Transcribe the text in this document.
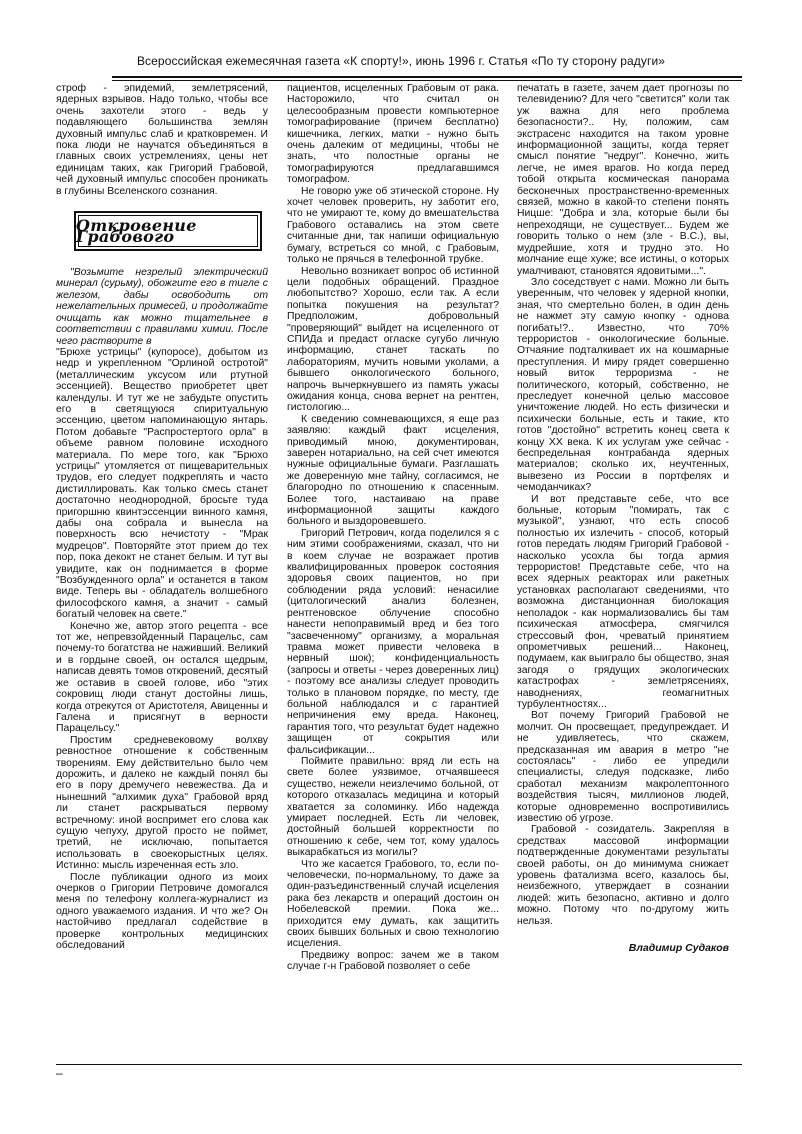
Всероссийская ежемесячная газета «К спорту!», июнь 1996 г. Статья «По ту сторону радуги»

строф - эпидемий, землетрясений, ядерных взрывов. Надо только, чтобы все очень захотели этого - ведь у подавляющего большинства землян духовный импульс слаб и кратковремен. И пока люди не научатся объединяться в главных своих устремлениях, цены нет единицам таких, как Григорий Грабовой, чей духовный импульс способен проникать в глубины Вселенского сознания.

Откровение Грабового

"Возьмите незрелый электрический минерал (сурьму), обожгите его в тигле с железом, дабы освободить от нежелательных примесей, и продолжайте очищать как можно тщательнее в соответствии с правилами химии. После чего растворите в

"Брюхе устрицы" (купоросе), добытом из недр и укрепленном "Орлиной остротой" (металлическим уксусом или ртутной эссенцией). Вещество приобретет цвет календулы. И тут же не забудьте опустить его в светящуюся спиритуальную эссенцию, цветом напоминающую янтарь. Потом добавьте "Распростертого орла" в объеме равном половине исходного материала. По мере того, как "Брюхо устрицы" утомляется от пищеварительных трудов, его следует подкреплять и часто дистиллировать. Как только смесь станет достаточно неоднородной, бросьте туда пригоршню квинтэссенции винного камня, дабы она собрала и вынесла на поверхность всю нечистоту - "Мрак мудрецов". Повторяйте этот прием до тех пор, пока декокт не станет белым. И тут вы увидите, как он поднимается в форме "Возбужденного орла" и останется в таком виде. Теперь вы - обладатель волшебного философского камня, а значит - самый богатый человек на свете."

Конечно же, автор этого рецепта - все тот же, непревзойденный Парацельс, сам почему-то богатства не наживший. Великий и в гордыне своей, он остался щедрым, написав девять томов откровений, десятый же оставив в своей голове, ибо "этих сокровищ люди станут достойны лишь, когда отрекутся от Аристотеля, Авиценны и Галена и присягнут в верности Парацельсу."

Простим средневековому волхву ревностное отношение к собственным творениям. Ему действительно было чем дорожить, и далеко не каждый понял бы его в пору дремучего невежества. Да и нынешний "алхимик духа" Грабовой вряд ли станет раскрываться первому встречному: иной воспримет его слова как сущую чепуху, другой просто не поймет, третий, не исключаю, попытается использовать в своекорыстных целях. Истинно: мысль изреченная есть зло.

После публикации одного из моих очерков о Григории Петровиче домогался меня по телефону коллега-журналист из одного уважаемого издания. И что же? Он настойчиво предлагал содействие в проверке контрольных медицинских обследований

пациентов, исцеленных Грабовым от рака. Насторожило, что считал он целесообразным провести компьютерное томографирование (причем бесплатно) кишечника, легких, матки - нужно быть очень далеким от медицины, чтобы не знать, что полостные органы не томографируются предлагавшимся томографом.

Не говорю уже об этической стороне. Ну хочет человек проверить, ну заботит его, что не умирают те, кому до вмешательства Грабового оставались на этом свете считанные дни, так напиши официальную бумагу, встреться со мной, с Грабовым, только не прячься в телефонной трубке.

Невольно возникает вопрос об истинной цели подобных обращений. Праздное любопытство? Хорошо, если так. А если попытка покушения на результат? Предположим, добровольный "проверяющий" выйдет на исцеленного от СПИДа и предаст огласке сугубо личную информацию, станет таскать по лабораториям, мучить новыми уколами, а бывшего онкологического больного, напрочь вычеркнувшего из память ужасы ожидания конца, снова вернет на рентген, гистологию...

К сведению сомневающихся, я еще раз заявляю: каждый факт исцеления, приводимый мною, документирован, заверен нотариально, на сей счет имеются нужные официальные бумаги. Разглашать же доверенную мне тайну, согласимся, не благородно по отношению к спасенным. Более того, настаиваю на праве информационной защиты каждого больного и выздоровевшего.

Григорий Петрович, когда поделился я с ним этими соображениями, сказал, что ни в коем случае не возражает против квалифицированных проверок состояния здоровья своих пациентов, но при соблюдении ряда условий: ненасилие (цитологический анализ болезнен, рентгеновское облучение способно нанести непоправимый вред и без того "засвеченному" организму, а моральная травма может привести человека в нервный шок); конфиденциальность (запросы и ответы - через доверенных лиц) - поэтому все анализы следует проводить только в плановом порядке, по месту, где больной наблюдался и с гарантией непричинения ему вреда. Наконец, гарантия того, что результат будет надежно защищен от сокрытия или фальсификации...

Поймите правильно: вряд ли есть на свете более уязвимое, отчаявшееся существо, нежели неизлечимо больной, от которого отказалась медицина и который хватается за соломинку. Ибо надежда умирает последней. Есть ли человек, достойный большей корректности по отношению к себе, чем тот, кому удалось выкарабкаться из могилы?

Что же касается Грабового, то, если по-человечески, по-нормальному, то даже за один-разъединственный случай исцеления рака без лекарств и операций достоин он Нобелевской премии. Пока же... приходится ему думать, как защитить своих бывших больных и свою технологию исцеления.

Предвижу вопрос: зачем же в таком случае г-н Грабовой позволяет о себе

печатать в газете, зачем дает прогнозы по телевидению? Для чего "светится" коли так уж важна для него проблема безопасности?.. Ну, положим, сам экстрасенс находится на таком уровне информационной защиты, когда теряет смысл понятие "недруг". Конечно, жить легче, не имея врагов. Но когда перед тобой открыта космическая панорама бесконечных пространственно-временных связей, можно в какой-то степени понять Ницше: "Добра и зла, которые были бы непреходящи, не существует... Будем же говорить только о нем (зле - В.С.), вы, мудрейшие, хотя и трудно это. Но молчание еще хуже; все истины, о которых умалчивают, становятся ядовитыми...".

Зло соседствует с нами. Можно ли быть уверенным, что человек у ядерной кнопки, зная, что смертельно болен, в один день не нажмет эту самую кнопку - однова погибать!?.. Известно, что 70% террористов - онкологические больные. Отчаяние подталкивает их на кошмарные преступления. И миру грядет совершенно новый виток терроризма - не политического, который, собственно, не преследует конечной целью массовое уничтожение людей. Но есть физически и психически больные, есть и такие, кто готов "достойно" встретить конец света к концу XX века. К их услугам уже сейчас - беспредельная контрабанда ядерных материалов; сколько их, неучтенных, вывезено из России в портфелях и чемоданчиках?

И вот представьте себе, что все больные, которым "помирать, так с музыкой", узнают, что есть способ полностью их излечить - способ, который готов передать людям Григорий Грабовой - насколько усохла бы тогда армия террористов! Представьте себе, что на всех ядерных реакторах или ракетных установках располагают сведениями, что возможна дистанционная биолокация неполадок - как нормализовались бы там психическая атмосфера, смягчился стрессовый фон, чреватый принятием опрометчивых решений... Наконец, подумаем, как выиграло бы общество, зная загодя о грядущих экологических катастрофах - землетрясениях, наводнениях, геомагнитных турбулентностях...

Вот почему Григорий Грабовой не молчит. Он просвещает, предупреждает. И не удивляетесь, что скажем, предсказанная им авария в метро "не состоялась" - либо ее упредили специалисты, следуя подсказке, либо сработал механизм макролептонного воздействия тысяч, миллионов людей, которые одновременно воспротивились известию об угрозе.

Грабовой - созидатель. Закрепляя в средствах массовой информации подтвержденные документами результаты своей работы, он до минимума снижает уровень фатализма всего, казалось бы, неизбежного, утверждает в сознании людей: жить безопасно, активно и долго можно. Потому что по-другому жить нельзя.

Владимир Судаков
–
